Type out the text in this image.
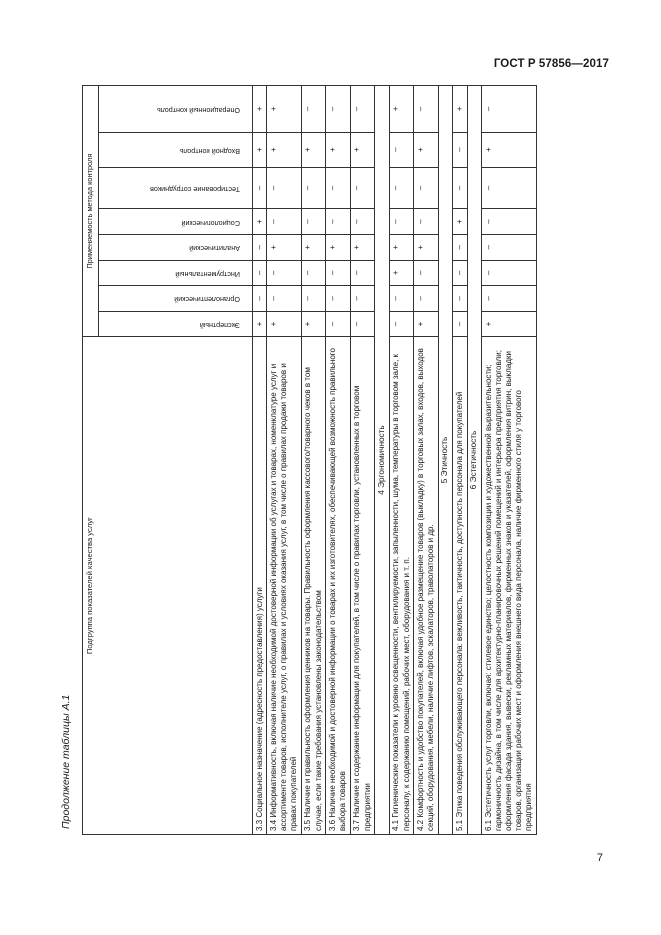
ГОСТ Р 57856—2017
Продолжение таблицы А.1
Подгруппа показателей качества услуг	Применяемость метода контроля							

	Экспертный	Органолептический	Инструментальный	Аналитический	Социологический	Тестирование сотрудников	Входной контроль	Операционный контроль

3.3 Социальное назначение (адресность предоставления) услуги	+	–	–	–	+	–	+	+
3.4 Информативность, включая наличие необходимой достоверной информации об услугах и товарах, номенклатуре услуг и ассортименте товаров, исполнителе услуг, о правилах и условиях оказания услуг, в том числе о правилах продажи товаров и правах покупателей	+	–	–	+	–	–	+	+
3.5 Наличие и правильность оформления ценников на товары. Правильность оформления кассового/товарного чеков в том случае, если такие требования установлены законодательством	+	–	–	+	–	–	+	–
3.6 Наличие необходимой и достоверной информации о товарах и их изготовителях, обеспечивающей возможность правильного выбора товаров	–	–	–	+	–	–	+	–
3.7 Наличие и содержание информации для покупателей, в том числе о правилах торговли, установленных в торговом предприятии	–	–	–	+	–	–	+	–
4 Эргономичность								
4.1 Гигиенические показатели к уровню освещенности, вентилируемости, запыленности, шума, температуры в торговом зале, к персоналу, к содержанию помещений, рабочих мест, оборудования и т. п.	–	–	+	+	–	–	–	+
4.2 Комфортность и удобство покупателей, включая удобное размещение товаров (выкладку) в торговых залах, входов, выходов секций, оборудования, мебели, наличие лифтов, эскалаторов, траволаторов и др.	+	–	–	+	–	–	+	–
5 Этичность								
5.1 Этика поведения обслуживающего персонала: вежливость, тактичность, доступность персонала для покупателей	–	–	–	–	+	–	–	+
6 Эстетичность								
6.1 Эстетичность услуг торговли, включая: стилевое единство; целостность композиции и художественной выразительности; гармоничность дизайна, в том числе для архитектурно-планировочных решений помещений и интерьера предприятия торговли; оформления фасада здания, вывески, рекламных материалов, фирменных знаков и указателей, оформления витрин, выкладки товаров, организации рабочих мест и оформления внешнего вида персонала, наличие фирменного стиля у торгового предприятия	+	–	–	–	–	–	+	–
7
